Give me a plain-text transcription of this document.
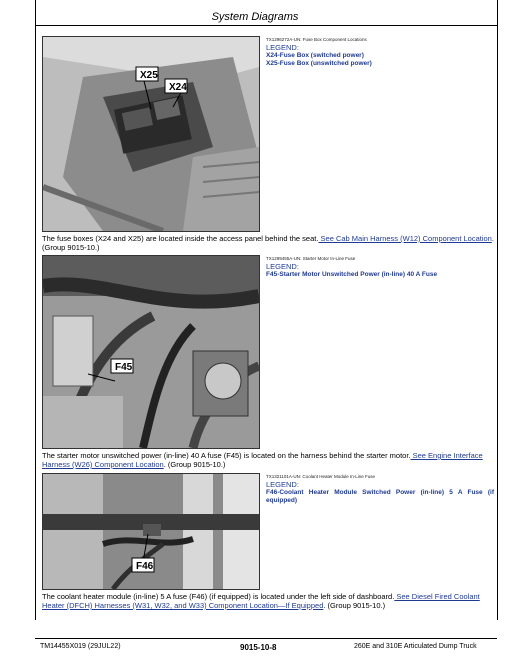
System Diagrams
X25
X24
TX1296272A-UN: Fuse Box Component Locations
LEGEND:
X24-Fuse Box (switched power)
X25-Fuse Box (unswitched power)
The fuse boxes (X24 and X25) are located inside the access panel behind the seat. See Cab Main Harness (W12) Component Location. (Group 9015-10.)
F45
TX1299455A-UN: Starter Motor In-Line Fuse
LEGEND:
F45-Starter Motor Unswitched Power (in-line) 40 A Fuse
The starter motor unswitched power (in-line) 40 A fuse (F45) is located on the harness behind the starter motor. See Engine Interface Harness (W26) Component Location. (Group 9015-10.)
F46
TX1321101A-UN: Coolant Heater Module In-Line Fuse
LEGEND:
F46-Coolant Heater Module Switched Power (in-line) 5 A Fuse (if equipped)
The coolant heater module (in-line) 5 A fuse (F46) (if equipped) is located under the left side of dashboard. See Diesel Fired Coolant Heater (DFCH) Harnesses (W31, W32, and W33) Component Location—If Equipped. (Group 9015-10.)
TM14455X019 (29JUL22)	9015-10-8	260E and 310E Articulated Dump Truck
